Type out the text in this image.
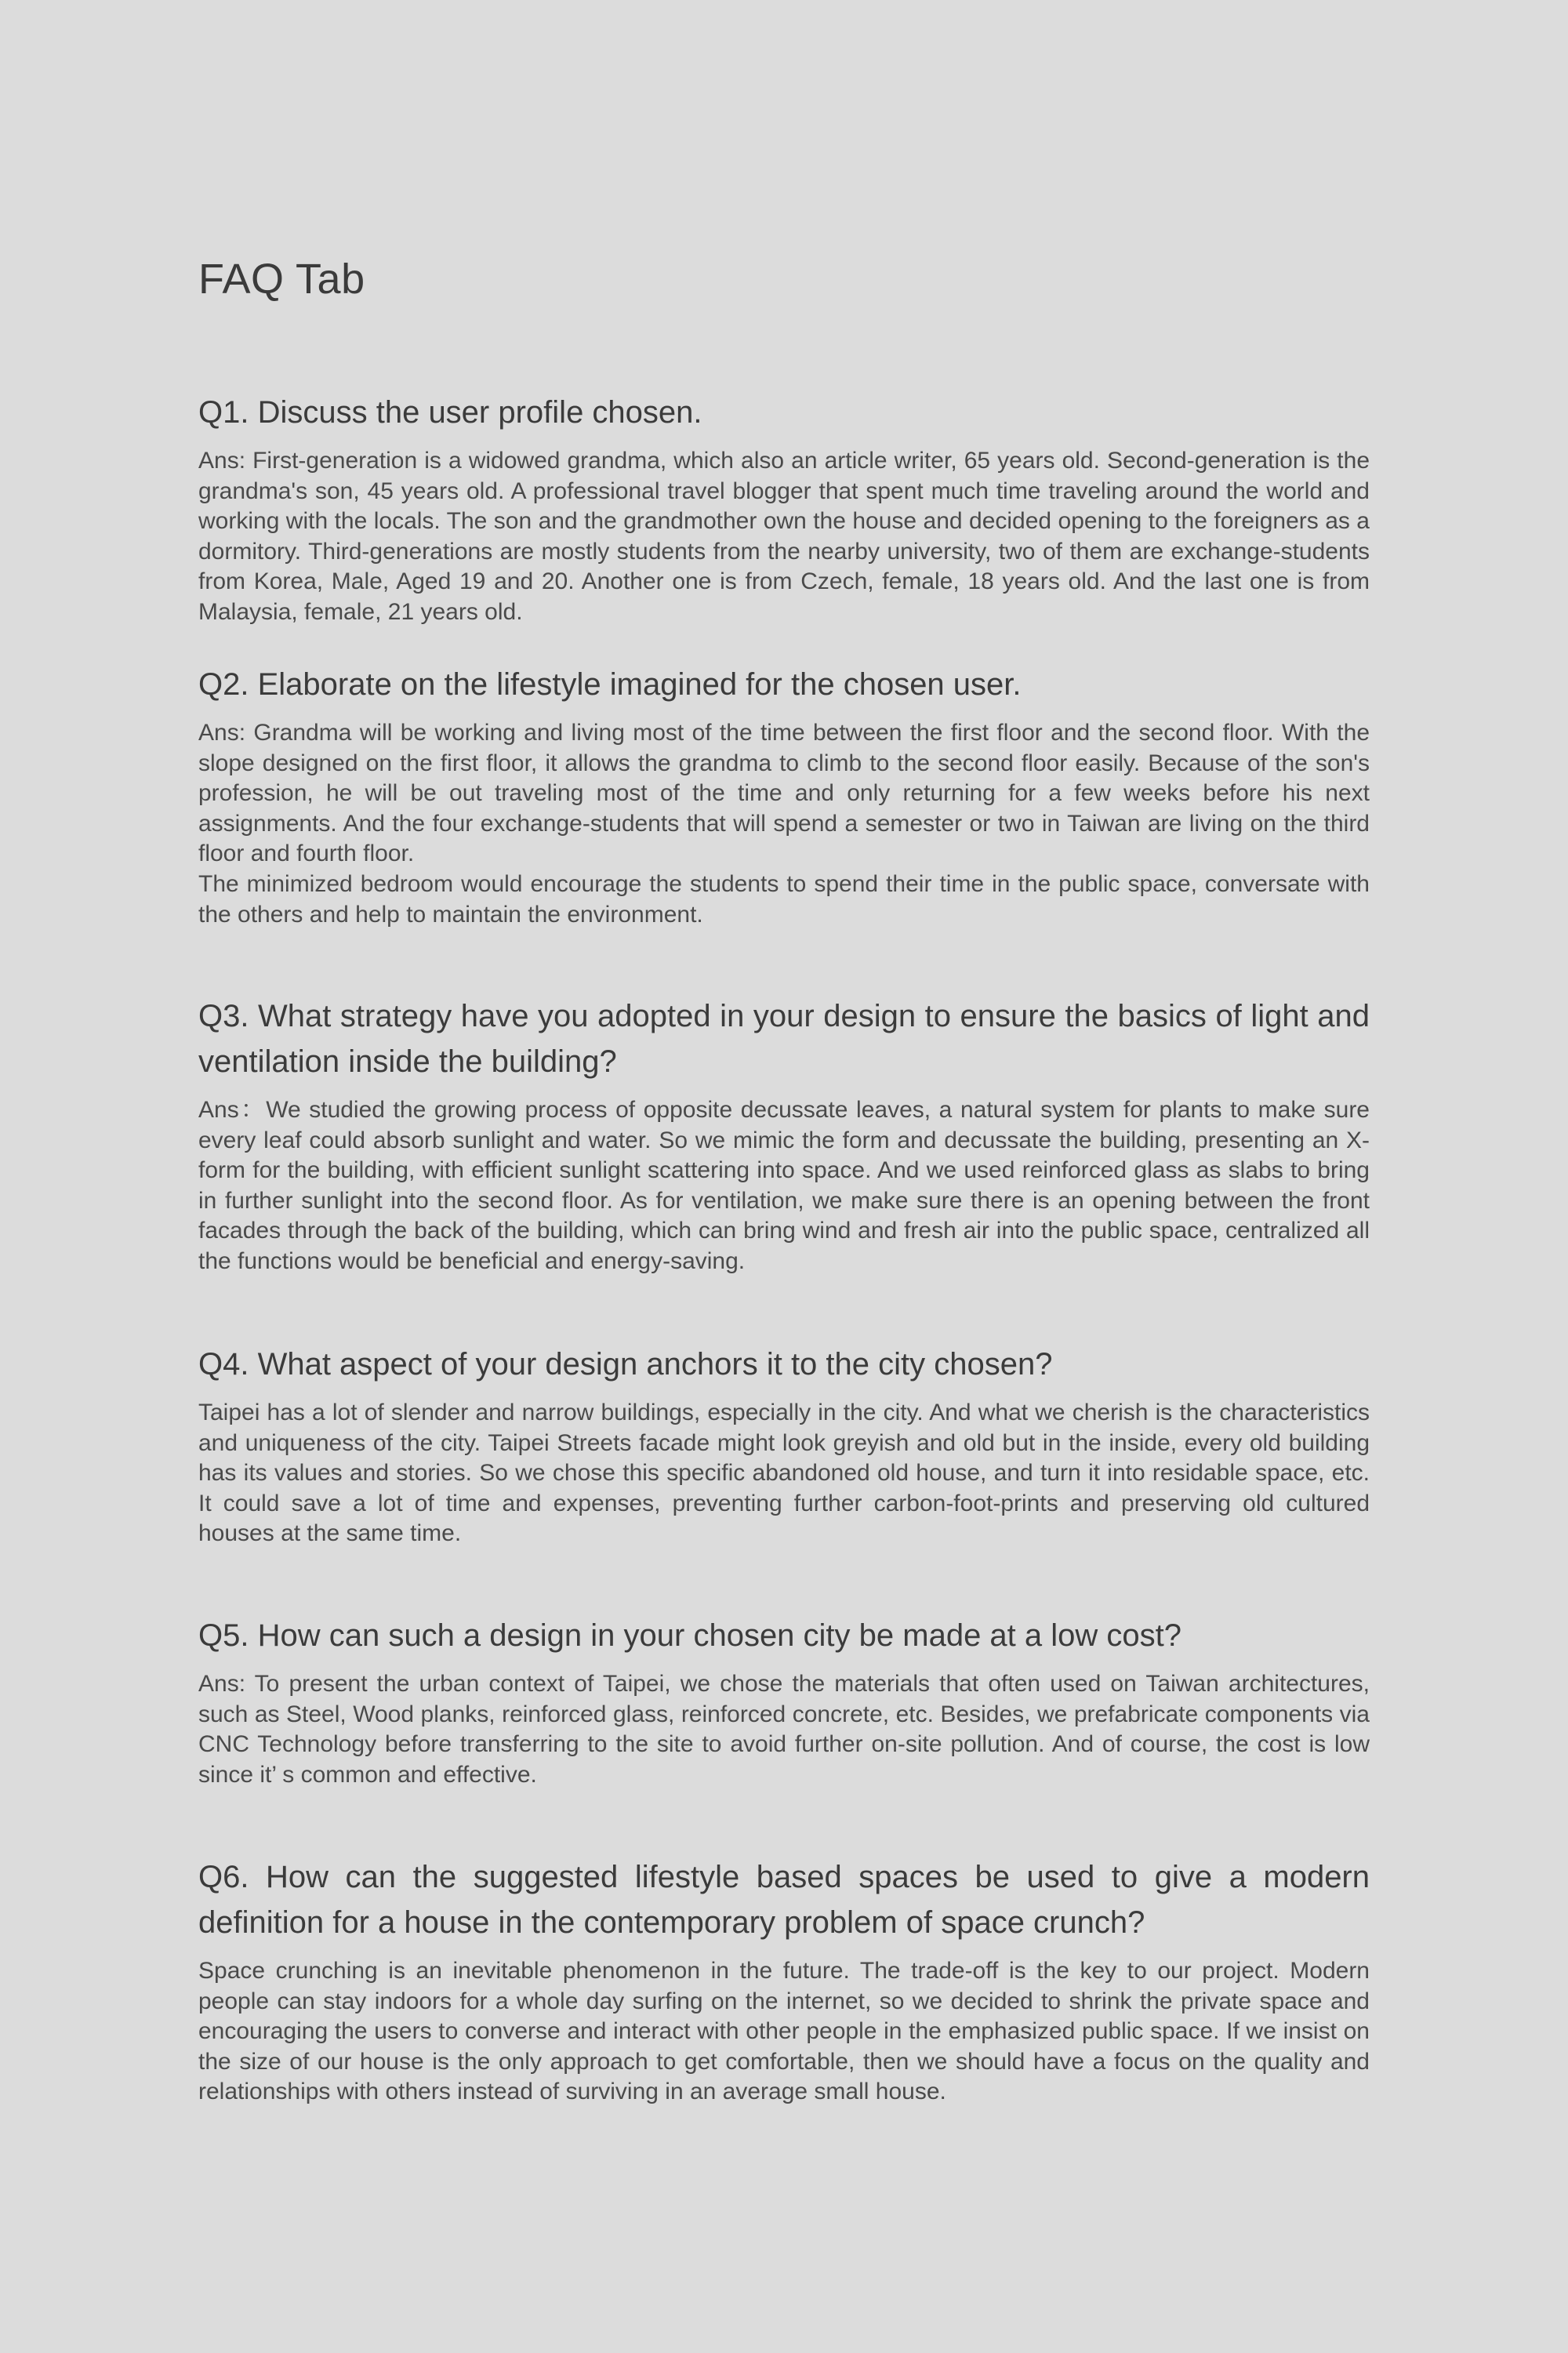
FAQ Tab
Q1. Discuss the user profile chosen.

Ans: First-generation is a widowed grandma, which also an article writer, 65 years old. Second-generation is the grandma's son, 45 years old. A professional travel blogger that spent much time traveling around the world and working with the locals. The son and the grandmother own the house and decided opening to the foreigners as a dormitory. Third-generations are mostly students from the nearby university, two of them are exchange-students from Korea, Male, Aged 19 and 20. Another one is from Czech, female, 18 years old. And the last one is from Malaysia, female, 21 years old.

Q2. Elaborate on the lifestyle imagined for the chosen user.

Ans: Grandma will be working and living most of the time between the first floor and the second floor. With the slope designed on the first floor, it allows the grandma to climb to the second floor easily. Because of the son's profession, he will be out traveling most of the time and only returning for a few weeks before his next assignments. And the four exchange-students that will spend a semester or two in Taiwan are living on the third floor and fourth floor.

The minimized bedroom would encourage the students to spend their time in the public space, conversate with the others and help to maintain the environment.

Q3. What strategy have you adopted in your design to ensure the basics of light and ventilation inside the building?

Ans：We studied the growing process of opposite decussate leaves, a natural system for plants to make sure every leaf could absorb sunlight and water. So we mimic the form and decussate the building, presenting an X-form for the building, with efficient sunlight scattering into space. And we used reinforced glass as slabs to bring in further sunlight into the second floor. As for ventilation, we make sure there is an opening between the front facades through the back of the building, which can bring wind and fresh air into the public space, centralized all the functions would be beneficial and energy-saving.

Q4. What aspect of your design anchors it to the city chosen?

Taipei has a lot of slender and narrow buildings, especially in the city. And what we cherish is the characteristics and uniqueness of the city. Taipei Streets facade might look greyish and old but in the inside, every old building has its values and stories. So we chose this specific abandoned old house, and turn it into residable space, etc. It could save a lot of time and expenses, preventing further carbon-foot-prints and preserving old cultured houses at the same time.

Q5. How can such a design in your chosen city be made at a low cost?

Ans: To present the urban context of Taipei, we chose the materials that often used on Taiwan architectures, such as Steel, Wood planks, reinforced glass, reinforced concrete, etc. Besides, we prefabricate components via CNC Technology before transferring to the site to avoid further on-site pollution. And of course, the cost is low since it’ s common and effective.

Q6. How can the suggested lifestyle based spaces be used to give a modern definition for a house in the contemporary problem of space crunch?

Space crunching is an inevitable phenomenon in the future. The trade-off is the key to our project. Modern people can stay indoors for a whole day surfing on the internet, so we decided to shrink the private space and encouraging the users to converse and interact with other people in the emphasized public space. If we insist on the size of our house is the only approach to get comfortable, then we should have a focus on the quality and relationships with others instead of surviving in an average small house.
